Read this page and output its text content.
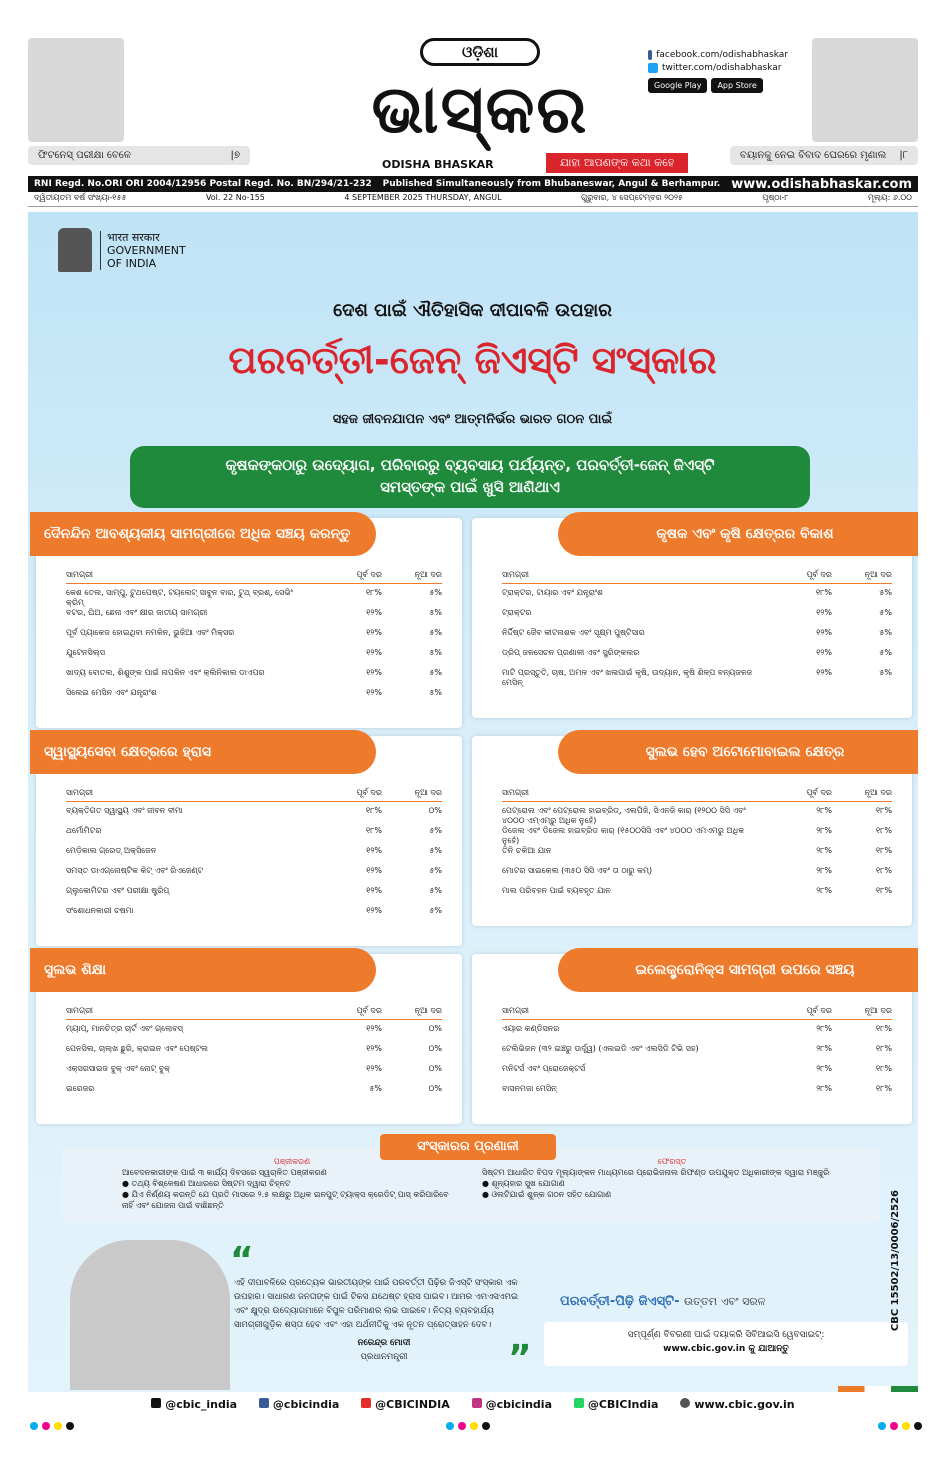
ଫିଟନେସ୍ ପରୀକ୍ଷା ବେଳେ	|୭
ଓଡ଼ିଶା
ଭାସ୍କର
ODISHA BHASKAR	ଯାହା ଆପଣଙ୍କ କଥା କହେ
facebook.com/odishabhaskar
twitter.com/odishabhaskar
Google Play	App Store
ବୟାନକୁ ନେଇ ବିବାଦ ଘେରରେ ମୃଣାଲ |୮
RNI Regd. No.ORI ORI 2004/12956 Postal Regd. No. BN/294/21-232 Published Simultaneously from Bhubaneswar, Angul & Berhampur. www.odishabhaskar.com
ଦ୍ୱିତୀୟତମ ବର୍ଷ ସଂଖ୍ୟା-୧୫୫	Vol. 22 No-155	4 SEPTEMBER 2025 THURSDAY, ANGUL	ଗୁରୁବାର, ୪ ସେପ୍ଟେମ୍ବର ୨୦୨୫	ପୃଷ୍ଠା-୮	ମୂଲ୍ୟ: ୬.୦୦
भारत सरकार
GOVERNMENT
OF INDIA
ଦେଶ ପାଇଁ ଐତିହାସିକ ଦୀପାବଳି ଉପହାର
ପରବର୍ତ୍ତୀ-ଜେନ୍ ଜିଏସ୍ଟି ସଂସ୍କାର
ସହଜ ଜୀବନଯାପନ ଏବଂ ଆତ୍ମନିର୍ଭର ଭାରତ ଗଠନ ପାଇଁ
କୃଷକଙ୍କଠାରୁ ଉଦ୍ୟୋଗ, ପରିବାରରୁ ବ୍ୟବସାୟ ପର୍ଯ୍ୟନ୍ତ, ପରବର୍ତ୍ତୀ-ଜେନ୍ ଜିଏସ୍ଟି
ସମସ୍ତଙ୍କ ପାଇଁ ଖୁସି ଆଣିଥାଏ
ଦୈନନ୍ଦିନ ଆବଶ୍ୟକୀୟ ସାମଗ୍ରୀରେ ଅଧିକ ସଞ୍ଚୟ କରନ୍ତୁ
ସାମଗ୍ରୀ	ପୂର୍ବ ଦର	ନୂଆ ଦର
କେଶ ତେଲ, ସାମ୍ପୁ, ଟୁଥପେଷ୍ଟ, ଟୟଲେଟ୍ ସାବୁନ ବାର, ଟୁଥ୍ ବ୍ରଶ୍, ସେଭିଂ କ୍ରିମ୍
୧୮%	୫%
ବଟର, ଘିଅ, ଛେନା ଏବଂ କ୍ଷୀର ଜାତୀୟ ସାମଗ୍ରୀ	୧୨%	୫%
ପୂର୍ବ ପ୍ୟାକେଜ ହୋଇଥିବା ନମକିନ, ଭୁଜିଆ ଏବଂ ମିକ୍ସର	୧୨%	୫%
ଯୁଟେନସିଲ୍ସ	୧୨%	୫%
ଖାଦ୍ୟ ବୋତଲ, ଶିଶୁଙ୍କ ପାଇଁ ନାପକିନ ଏବଂ କ୍ଲିନିକାଲ ଡାଏପର	୧୨%	୫%
ସିଲେଇ ମେସିନ ଏବଂ ଯନ୍ତ୍ରାଂଶ	୧୨%	୫%
କୃଷକ ଏବଂ କୃଷି କ୍ଷେତ୍ରର ବିକାଶ
ସାମଗ୍ରୀ	ପୂର୍ବ ଦର	ନୂଆ ଦର
ଟ୍ରାକ୍ଟର, ଟାୟାର ଏବଂ ଯନ୍ତ୍ରାଂଶ	୧୮%	୫%
ଟ୍ରାକ୍ଟର	୧୨%	୫%
ନିର୍ଦ୍ଦିଷ୍ଟ ଜୈବ କୀଟନାଶକ ଏବଂ ସୂକ୍ଷ୍ମ ପୁଷ୍ଟିସାର	୧୨%	୫%
ଡ୍ରିପ୍ ଜଳସେଚନ ପ୍ରଣାଳୀ ଏବଂ ସ୍ପ୍ରିଙ୍କଲର	୧୨%	୫%
ମାଟି ପ୍ରସ୍ତୁତି, ଚାଷ, ଅମଳ ଏବଂ ଖଳାପାଇଁ କୃଷି, ଉଦ୍ୟାନ, କୃଷି ଶିଳ୍ପ ବନ୍ୟଜଳଜ ମେସିନ୍
୧୨%	୫%
ସ୍ୱାସ୍ଥ୍ୟସେବା କ୍ଷେତ୍ରରେ ହ୍ରାସ
ସାମଗ୍ରୀ	ପୂର୍ବ ଦର	ନୂଆ ଦର
ବ୍ୟକ୍ତିଗତ ସ୍ୱାସ୍ଥ୍ୟ ଏବଂ ଜୀବନ ବୀମା	୧୮%	୦%
ଥର୍ମୋମିଟର	୧୮%	୫%
ମେଡ଼ିକାଲ ଗ୍ରେଡ୍ ଅକ୍ସିଜେନ	୧୨%	୫%
ସମସ୍ତ ଡାଏଗ୍ନୋଷ୍ଟିକ କିଟ୍ ଏବଂ ରିଏଜେଣ୍ଟ	୧୨%	୫%
ଗ୍ଲୁକୋମିଟର ଏବଂ ପରୀକ୍ଷା ଷ୍ଟ୍ରିପ୍	୧୨%	୫%
ସଂଶୋଧନକାରୀ ଚଷମା	୧୨%	୫%
ସୁଲଭ ହେବ ଅଟୋମୋବାଇଲ କ୍ଷେତ୍ର
ସାମଗ୍ରୀ	ପୂର୍ବ ଦର	ନୂଆ ଦର
ପେଟ୍ରୋଲ ଏବଂ ପେଟ୍ରୋଲ ହାଇବ୍ରିଡ୍, ଏଲପିଜି, ସିଏନଜି କାର୍ (୧୨୦୦ ସିସି ଏବଂ ୪୦୦୦ ଏମ୍ଏମ୍‌ରୁ ଅଧିକ ନୁହେଁ)
୨୮%	୧୮%
ଡିଜେଲ ଏବଂ ଡିଜେଲ ହାଇବ୍ରିଡ କାର୍ (୧୫୦୦ସିସି ଏବଂ ୪୦୦୦ ଏମଏମରୁ ଅଧିକ ନୁହେଁ)
୨୮%	୧୮%
ତିନି ଚକିଆ ଯାନ	୨୮%	୧୮%
ମୋଟର ସାଇକେଲ (୩୫୦ ସିସି ଏବଂ ତା ଠାରୁ କମ୍)	୨୮%	୧୮%
ମାଲ ପରିବହନ ପାଇଁ ବ୍ୟବହୃତ ଯାନ	୨୮%	୧୮%
ସୁଲଭ ଶିକ୍ଷା
ସାମଗ୍ରୀ	ପୂର୍ବ ଦର	ନୂଆ ଦର
ମ୍ୟାପ୍, ମାନଚିତ୍ର ଚାର୍ଟ ଏବଂ ଗ୍ଲୋବସ୍	୧୨%	୦%
ପେନସିଲ, ଚାଲ୍ଖ ଛୁରି, କ୍ରାଇନ ଏବଂ ପେଷ୍ଟଲ	୧୨%	୦%
ଏକ୍ସରସାଇଜ ବୁକ୍ ଏବଂ ନୋଟ୍ ବୁକ୍	୧୨%	୦%
ଇରେଜର	୫%	୦%
ଇଲେକ୍ଟ୍ରୋନିକ୍ସ ସାମଗ୍ରୀ ଉପରେ ସଞ୍ଚୟ
ସାମଗ୍ରୀ	ପୂର୍ବ ଦର	ନୂଆ ଦର
ଏୟାର କଣ୍ଡିସନର	୨୮%	୧୮%
ଟେଲିଭିଜନ (୩୨ ଇଞ୍ଚରୁ ଊର୍ଦ୍ଧ୍ୱ) (ଏଲଇଡି ଏବଂ ଏଲସିଡି ଟିଭି ସହ)	୨୮%	୧୮%
ମନିଟର୍ସ ଏବଂ ପ୍ରୋଜେକ୍ଟର୍ସ	୨୮%	୧୮%
ବାସନମଜା ମେସିନ୍	୨୮%	୧୮%
ପଞ୍ଜୀକରଣ
ଆବେଦନକାରୀଙ୍କ ପାଇଁ ୩ କାର୍ଯ୍ୟ ଦିବସରେ ସ୍ୱଚାଳିତ ପଞ୍ଜୀକରଣ
● ତଥ୍ୟ ବିଶ୍ଳେଷଣ ଆଧାରରେ ସିଷ୍ଟମ ଦ୍ୱାରା ଚିହ୍ନଟ
● ଯିଏ ନିର୍ଣ୍ଣୟ କରନ୍ତି ଯେ ପ୍ରତି ମାସରେ ୨.୫ ଲକ୍ଷରୁ ଅଧିକ ଇନପୁଟ୍ ଟ୍ୟାକ୍ସ କ୍ରେଡିଟ୍ ପାସ୍ କରିପାରିବେ ନାହିଁ ଏବଂ ଯୋଜନା ପାଇଁ ବାଛିଛନ୍ତି
ଫେରସ୍ତ
ସିଷ୍ଟମ ଆଧାରିତ ବିପଦ ମୂଲ୍ୟାଙ୍କନ ମାଧ୍ୟମରେ ପ୍ରୋଭିଜନାଲ ରିଫଣ୍ଡ ଉପଯୁକ୍ତ ଅଧିକାରୀଙ୍କ ଦ୍ୱାରା ମଞ୍ଜୁରି
● ଶୂନ୍ୟହାର ସୁଖ ଯୋଗାଣ
● ଓଲଟିଯାଇଁ ଶୁଳ୍କ ଗଠନ ସହିତ ଯୋଗାଣ
ସଂସ୍କାରର ପ୍ରଣାଳୀ
“
ଏହି ଦୀପାବଳିରେ ପ୍ରତ୍ୟେକ ଭାରତୀୟଙ୍କ ପାଇଁ ପରବର୍ତ୍ତୀ ପିଢ଼ିର ଜିଏସ୍ଟି ସଂସ୍କାର ଏକ ଉପହାର। ସାଧାରଣ ଜନତାଙ୍କ ପାଇଁ ଟିକସ ଯଥେଷ୍ଟ ହ୍ରାସ ପାଇବ। ଆମର ଏମଏସଏମଇ ଏବଂ କ୍ଷୁଦ୍ର ଉଦ୍ୟୋଗମାନେ ବିପୁଳ ପରିମାଣର ଲାଭ ପାଇବେ। ନିତ୍ୟ ବ୍ୟବହାର୍ଯ୍ୟ ସାମଗ୍ରୀଗୁଡ଼ିକ ଶସ୍ତା ହେବ ଏବଂ ଏହା ଅର୍ଥନୀତିକୁ ଏକ ନୂତନ ପ୍ରୋତ୍ସାହନ ଦେବ।
ନରେନ୍ଦ୍ର ମୋଦୀ
ପ୍ରଧାନମନ୍ତ୍ରୀ	”
ପରବର୍ତ୍ତୀ-ପିଢ଼ି ଜିଏସ୍ଟି- ଉତ୍ତମ ଏବଂ ସରଳ
ସମ୍ପୂର୍ଣ୍ଣ ବିବରଣୀ ପାଇଁ ଦୟାକରି ସିବିଆଇସି ୱେବସାଇଟ୍:
www.cbic.gov.in କୁ ଯାଆନ୍ତୁ
CBC 15502/13/0006/2526
@cbic_india	@cbicindia	@CBICINDIA	@cbicindia	@CBICIndia	www.cbic.gov.in
